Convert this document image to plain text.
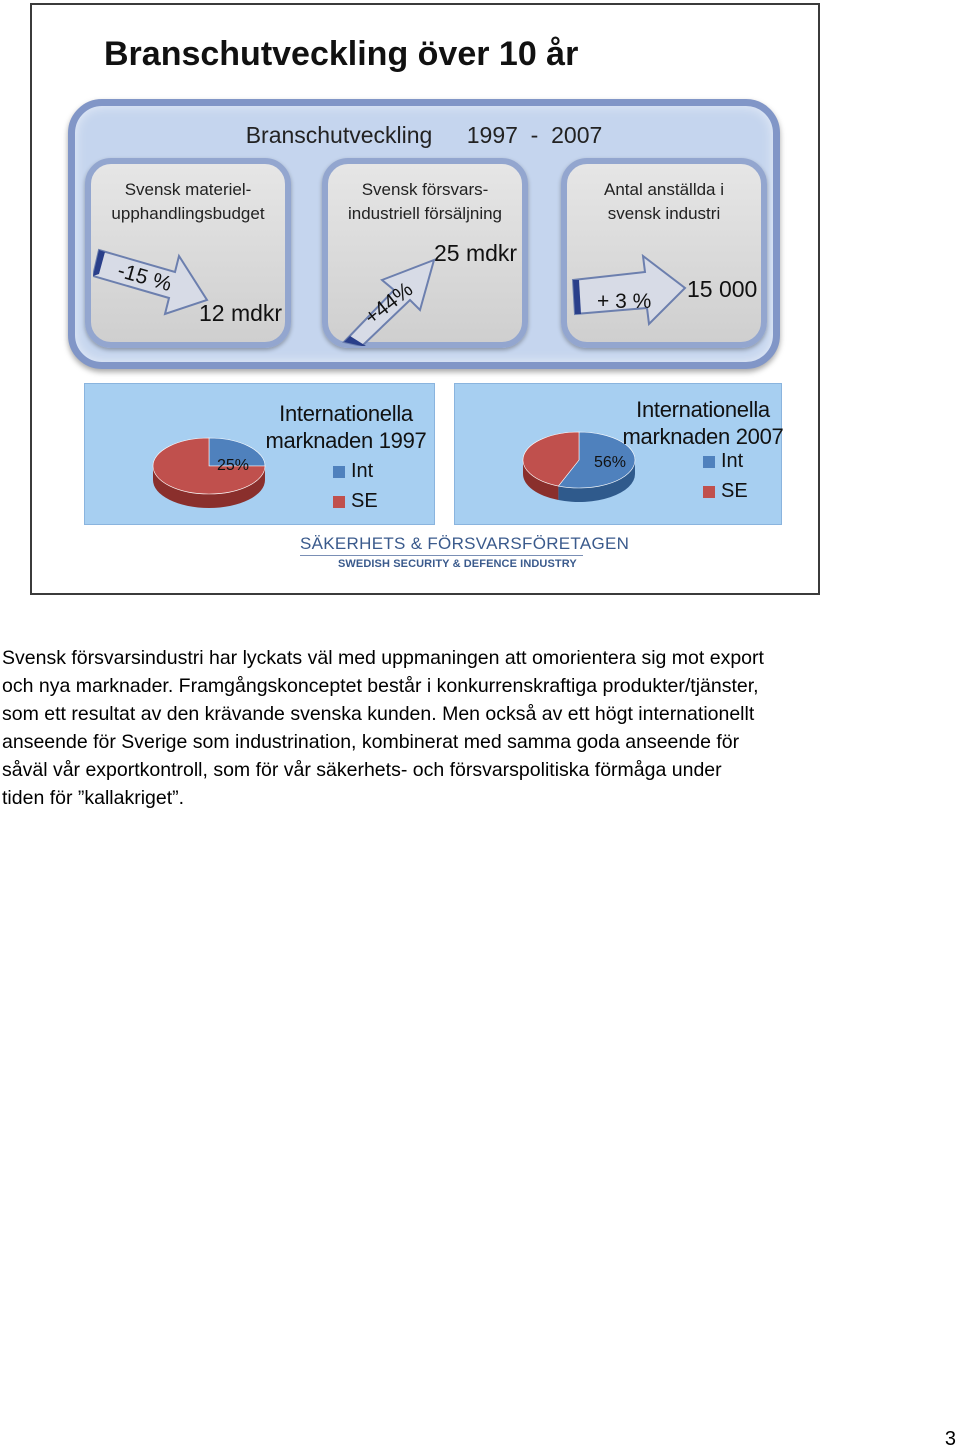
Branschutveckling över 10 år
Branschutveckling 1997  -  2007
Svensk materiel-
upphandlingsbudget
-15 %
12 mdkr
Svensk försvars-
industriell försäljning
+44%
25 mdkr
Antal anställda i
svensk industri
+ 3 % 15 000
25%
Internationella
marknaden 1997
Int
SE
56%
Internationella
marknaden 2007
Int
SE
SÄKERHETS & FÖRSVARSFÖRETAGEN
SWEDISH SECURITY & DEFENCE INDUSTRY
Svensk försvarsindustri har lyckats väl med uppmaningen att omorientera sig mot export
och nya marknader. Framgångskonceptet består i konkurrenskraftiga produkter/tjänster,
som ett resultat av den krävande svenska kunden. Men också av ett högt internationellt
anseende för Sverige som industrination, kombinerat med samma goda anseende för
såväl vår exportkontroll, som för vår säkerhets- och försvarspolitiska förmåga under
tiden för ”kallakriget”.
3
